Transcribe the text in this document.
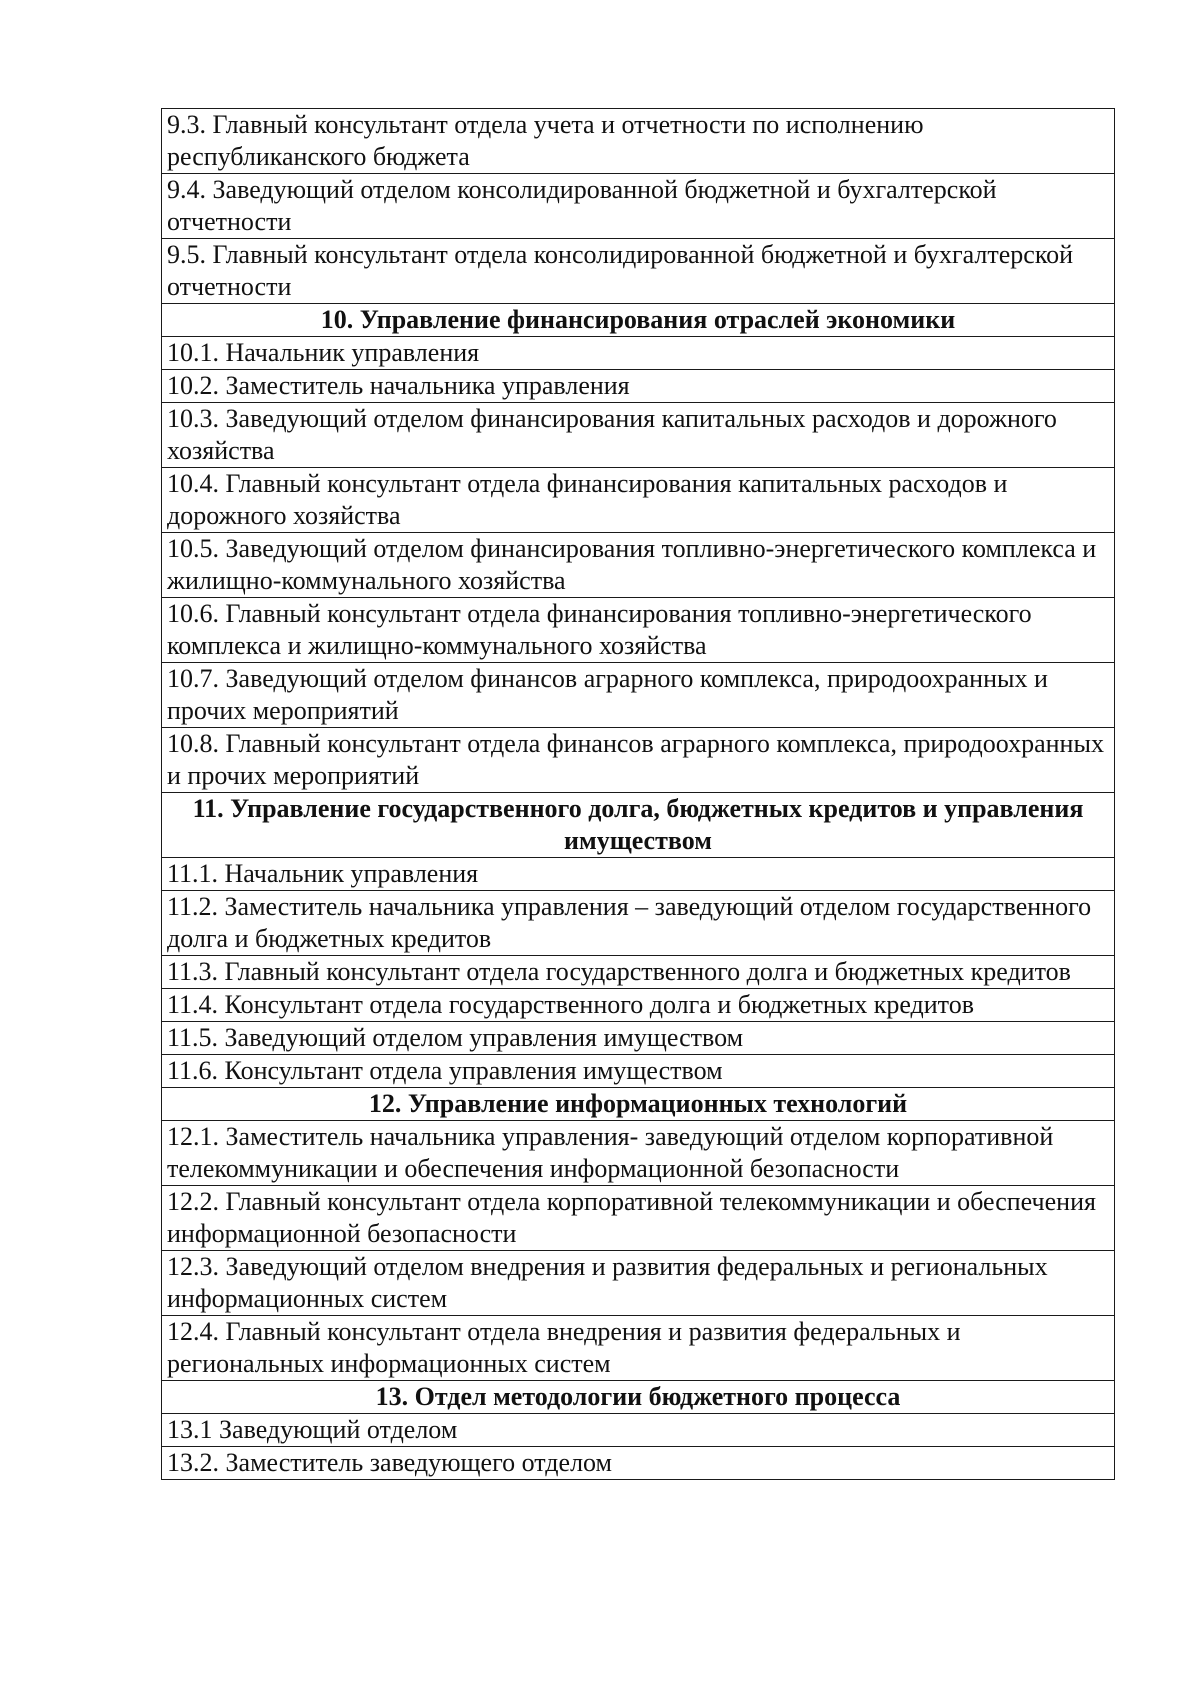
9.3. Главный консультант отдела учета и отчетности по исполнению республиканского бюджета
9.4. Заведующий отделом консолидированной бюджетной и бухгалтерской отчетности
9.5. Главный консультант отдела консолидированной бюджетной и бухгалтерской отчетности
10. Управление финансирования отраслей экономики
10.1. Начальник управления
10.2. Заместитель начальника управления
10.3. Заведующий отделом финансирования капитальных расходов и дорожного хозяйства
10.4. Главный консультант отдела финансирования капитальных расходов и дорожного хозяйства
10.5. Заведующий отделом финансирования топливно-энергетического комплекса и жилищно-коммунального хозяйства
10.6. Главный консультант отдела финансирования топливно-энергетического комплекса и жилищно-коммунального хозяйства
10.7. Заведующий отделом финансов аграрного комплекса, природоохранных и прочих мероприятий
10.8. Главный консультант отдела финансов аграрного комплекса, природоохранных и прочих мероприятий
11. Управление государственного долга, бюджетных кредитов и управления имуществом
11.1. Начальник управления
11.2. Заместитель начальника управления – заведующий отделом государственного долга и бюджетных кредитов
11.3. Главный консультант отдела государственного долга и бюджетных кредитов
11.4. Консультант отдела государственного долга и бюджетных кредитов
11.5. Заведующий отделом управления имуществом
11.6. Консультант отдела управления имуществом
12. Управление информационных технологий
12.1. Заместитель начальника управления- заведующий отделом корпоративной телекоммуникации и обеспечения информационной безопасности
12.2. Главный консультант отдела корпоративной телекоммуникации и обеспечения информационной безопасности
12.3. Заведующий отделом внедрения и развития федеральных и региональных информационных систем
12.4. Главный консультант отдела внедрения и развития федеральных и региональных информационных систем
13. Отдел методологии бюджетного процесса
13.1 Заведующий отделом
13.2. Заместитель заведующего отделом
